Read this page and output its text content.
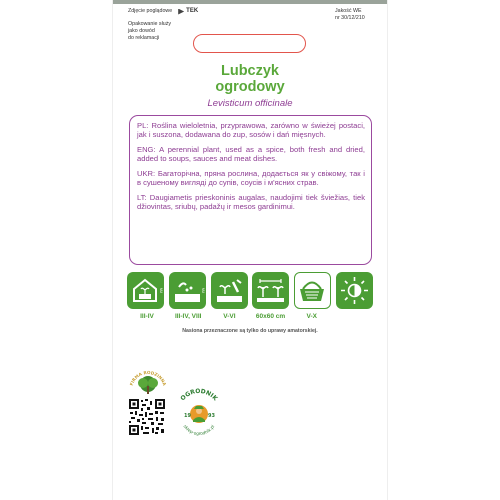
Zdjęcie poglądowe TEK
Opakowanie służy
jako dowód
do reklamacji
Jakość WE
nr 30/12/210
Lubczyk
ogrodowy
Levisticum officinale

PL: Roślina wieloletnia, przyprawowa, zarówno w świeżej postaci, jak i suszona, dodawana do zup, sosów i dań mięsnych.

ENG: A perennial plant, used as a spice, both fresh and dried, added to soups, sauces and meat dishes.

UKR: Багаторічна, пряна рослина, додається як у свіжому, так і в сушеному вигляді до супів, соусів і м'ясних страв.

LT: Daugiametis prieskoninis augalas, naudojimi tiek šviežias, tiek džiovintas, sriubų, padažų ir mesos gardinimui.

MU	MU
III-IV	III-IV, VIII	V-VI	60x60 cm	V-X
Nasiona przeznaczone są tylko do uprawy amatorskiej.
FIRMA RODZINNA
OGRODNIK
19	93
sklep-ogrodnik.pl
